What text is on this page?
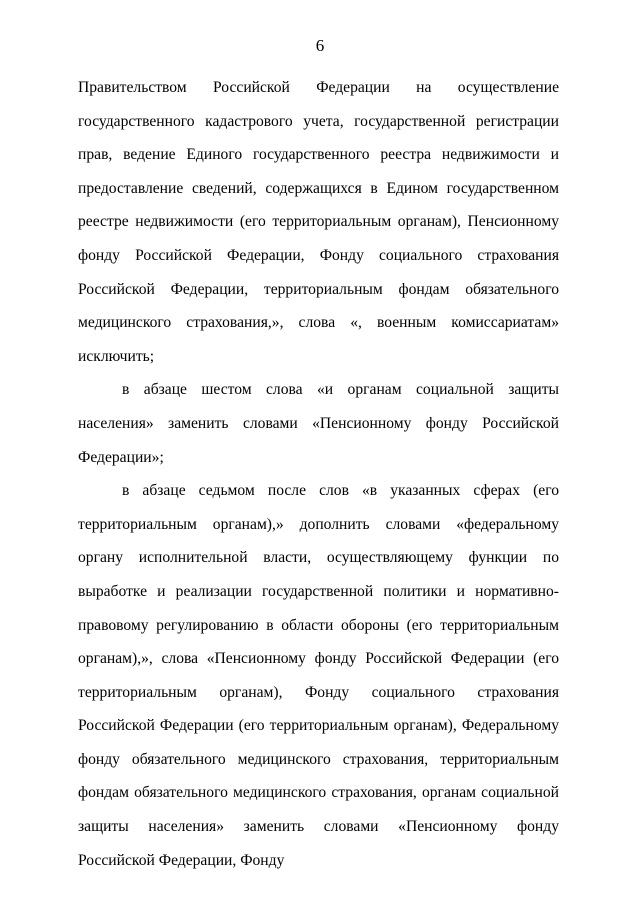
6

Правительством Российской Федерации на осуществление государственного кадастрового учета, государственной регистрации прав, ведение Единого государственного реестра недвижимости и предоставление сведений, содержащихся в Едином государственном реестре недвижимости (его территориальным органам), Пенсионному фонду Российской Федерации, Фонду социального страхования Российской Федерации, территориальным фондам обязательного медицинского страхования,», слова «, военным комиссариатам» исключить;

в абзаце шестом слова «и органам социальной защиты населения» заменить словами «Пенсионному фонду Российской Федерации»;

в абзаце седьмом после слов «в указанных сферах (его территориальным органам),» дополнить словами «федеральному органу исполнительной власти, осуществляющему функции по выработке и реализации государственной политики и нормативно-правовому регулированию в области обороны (его территориальным органам),», слова «Пенсионному фонду Российской Федерации (его территориальным органам), Фонду социального страхования Российской Федерации (его территориальным органам), Федеральному фонду обязательного медицинского страхования, территориальным фондам обязательного медицинского страхования, органам социальной защиты населения» заменить словами «Пенсионному фонду Российской Федерации, Фонду
